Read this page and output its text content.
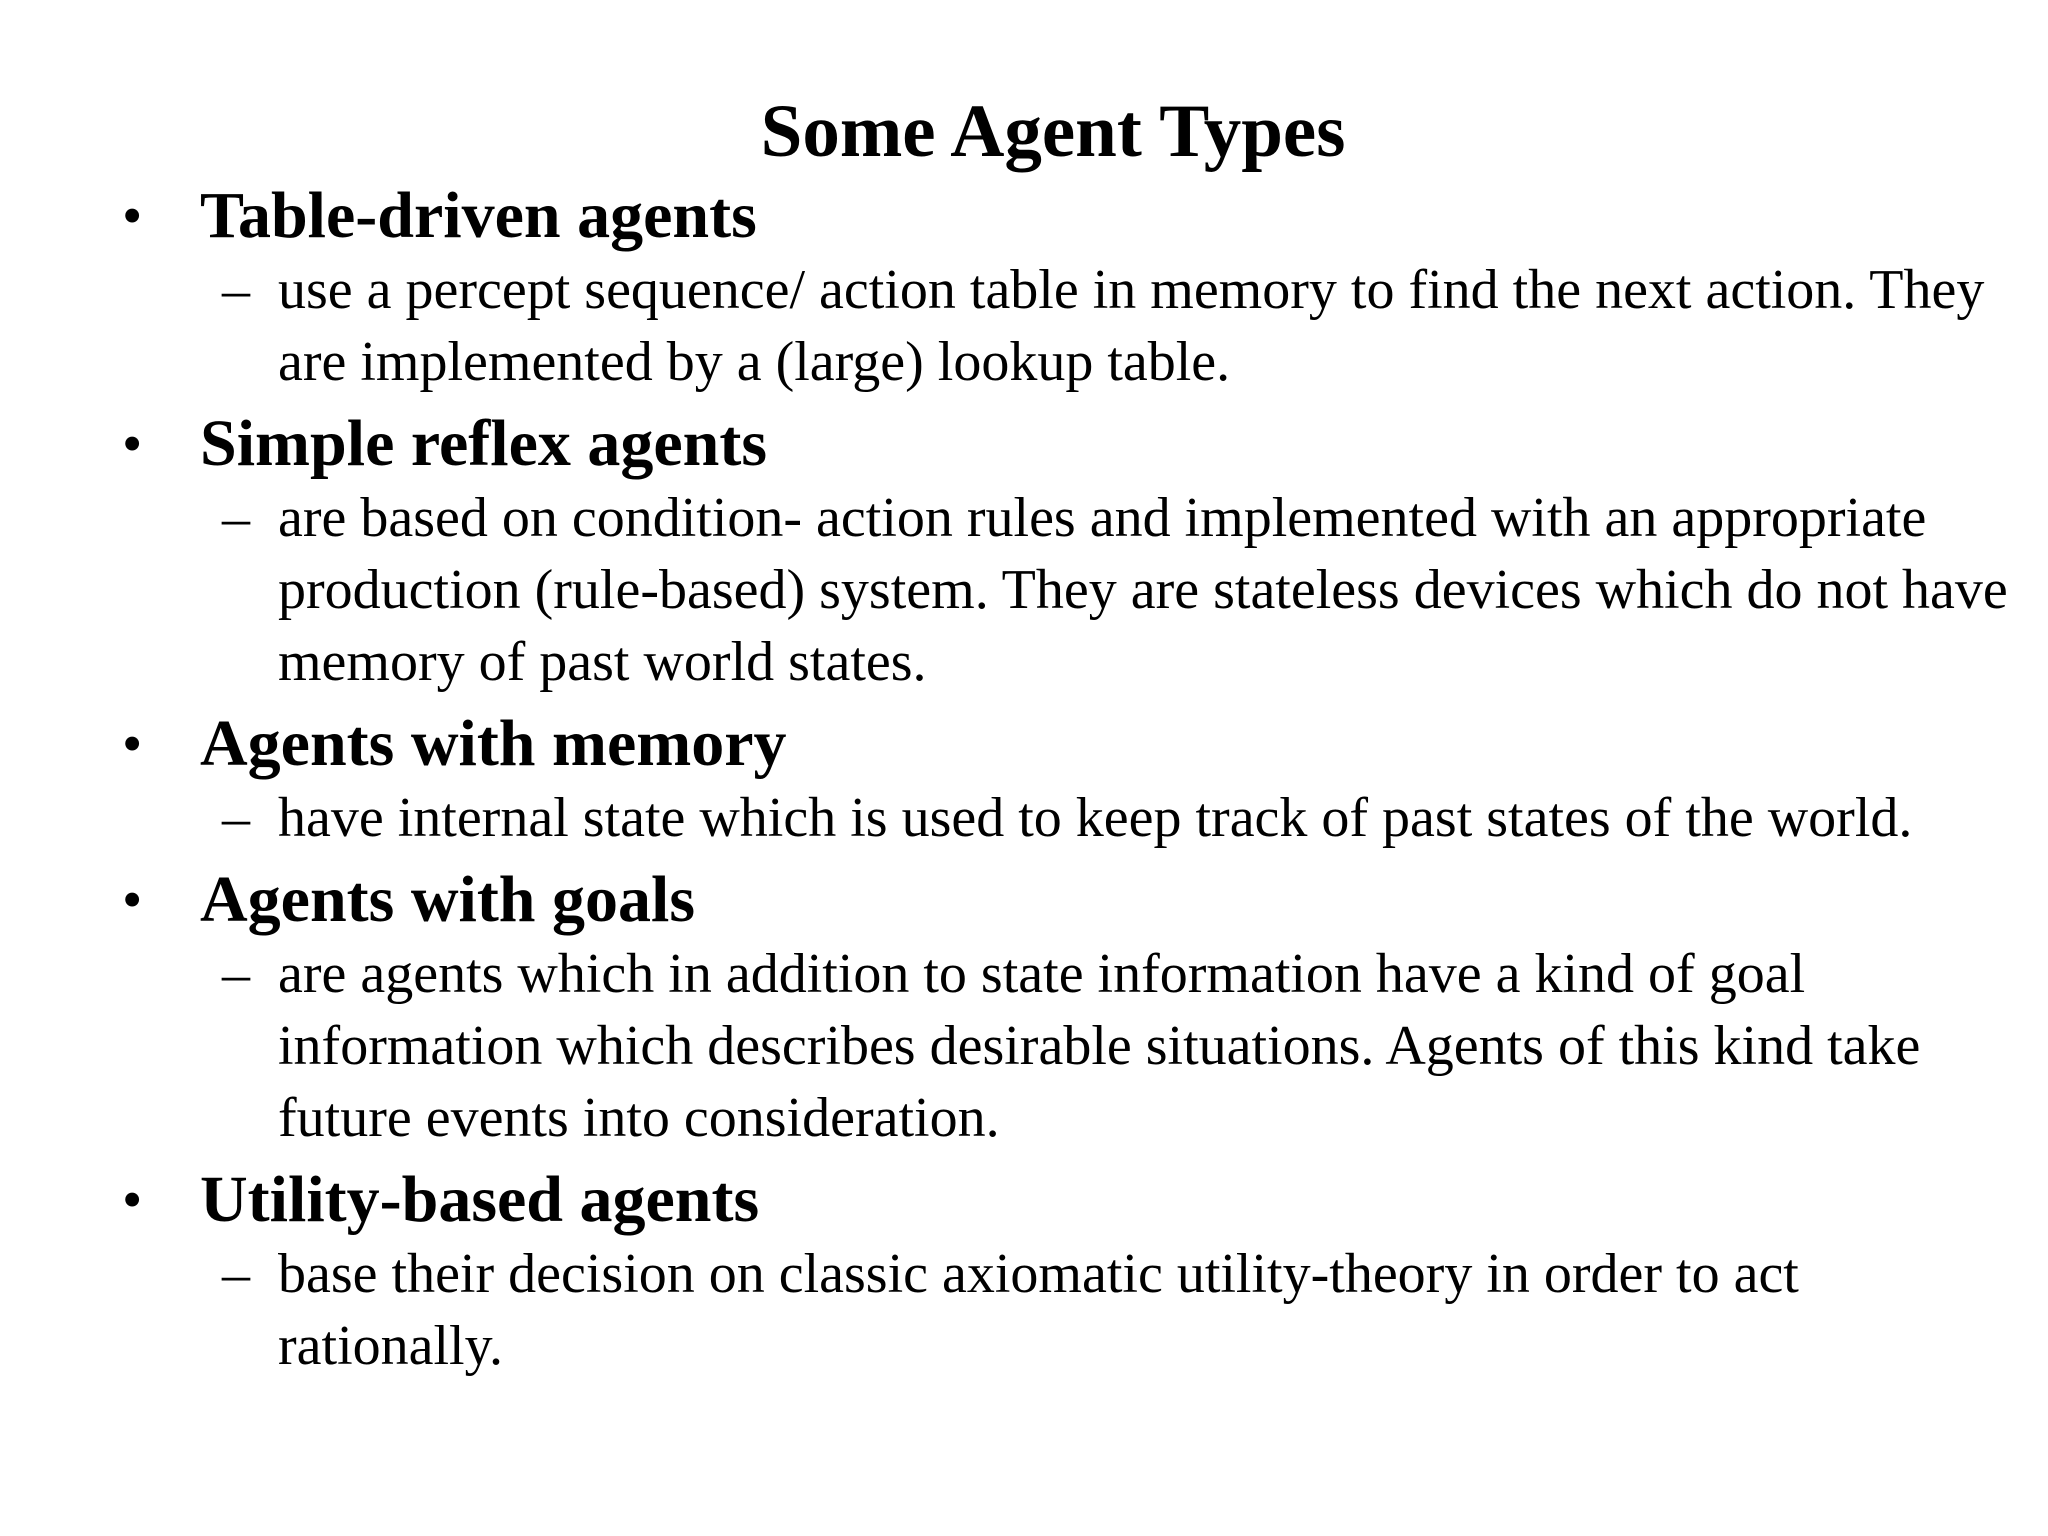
Some Agent Types
• Table-driven agents
– use a percept sequence/ action table in memory to find the next action. They are implemented by a (large) lookup table.
• Simple reflex agents
– are based on condition- action rules and implemented with an appropriate production (rule-based) system. They are stateless devices which do not have memory of past world states.
• Agents with memory
– have internal state which is used to keep track of past states of the world.
• Agents with goals
– are agents which in addition to state information have a kind of goal information which describes desirable situations. Agents of this kind take future events into consideration.
• Utility-based agents
– base their decision on classic axiomatic utility-theory in order to act rationally.
